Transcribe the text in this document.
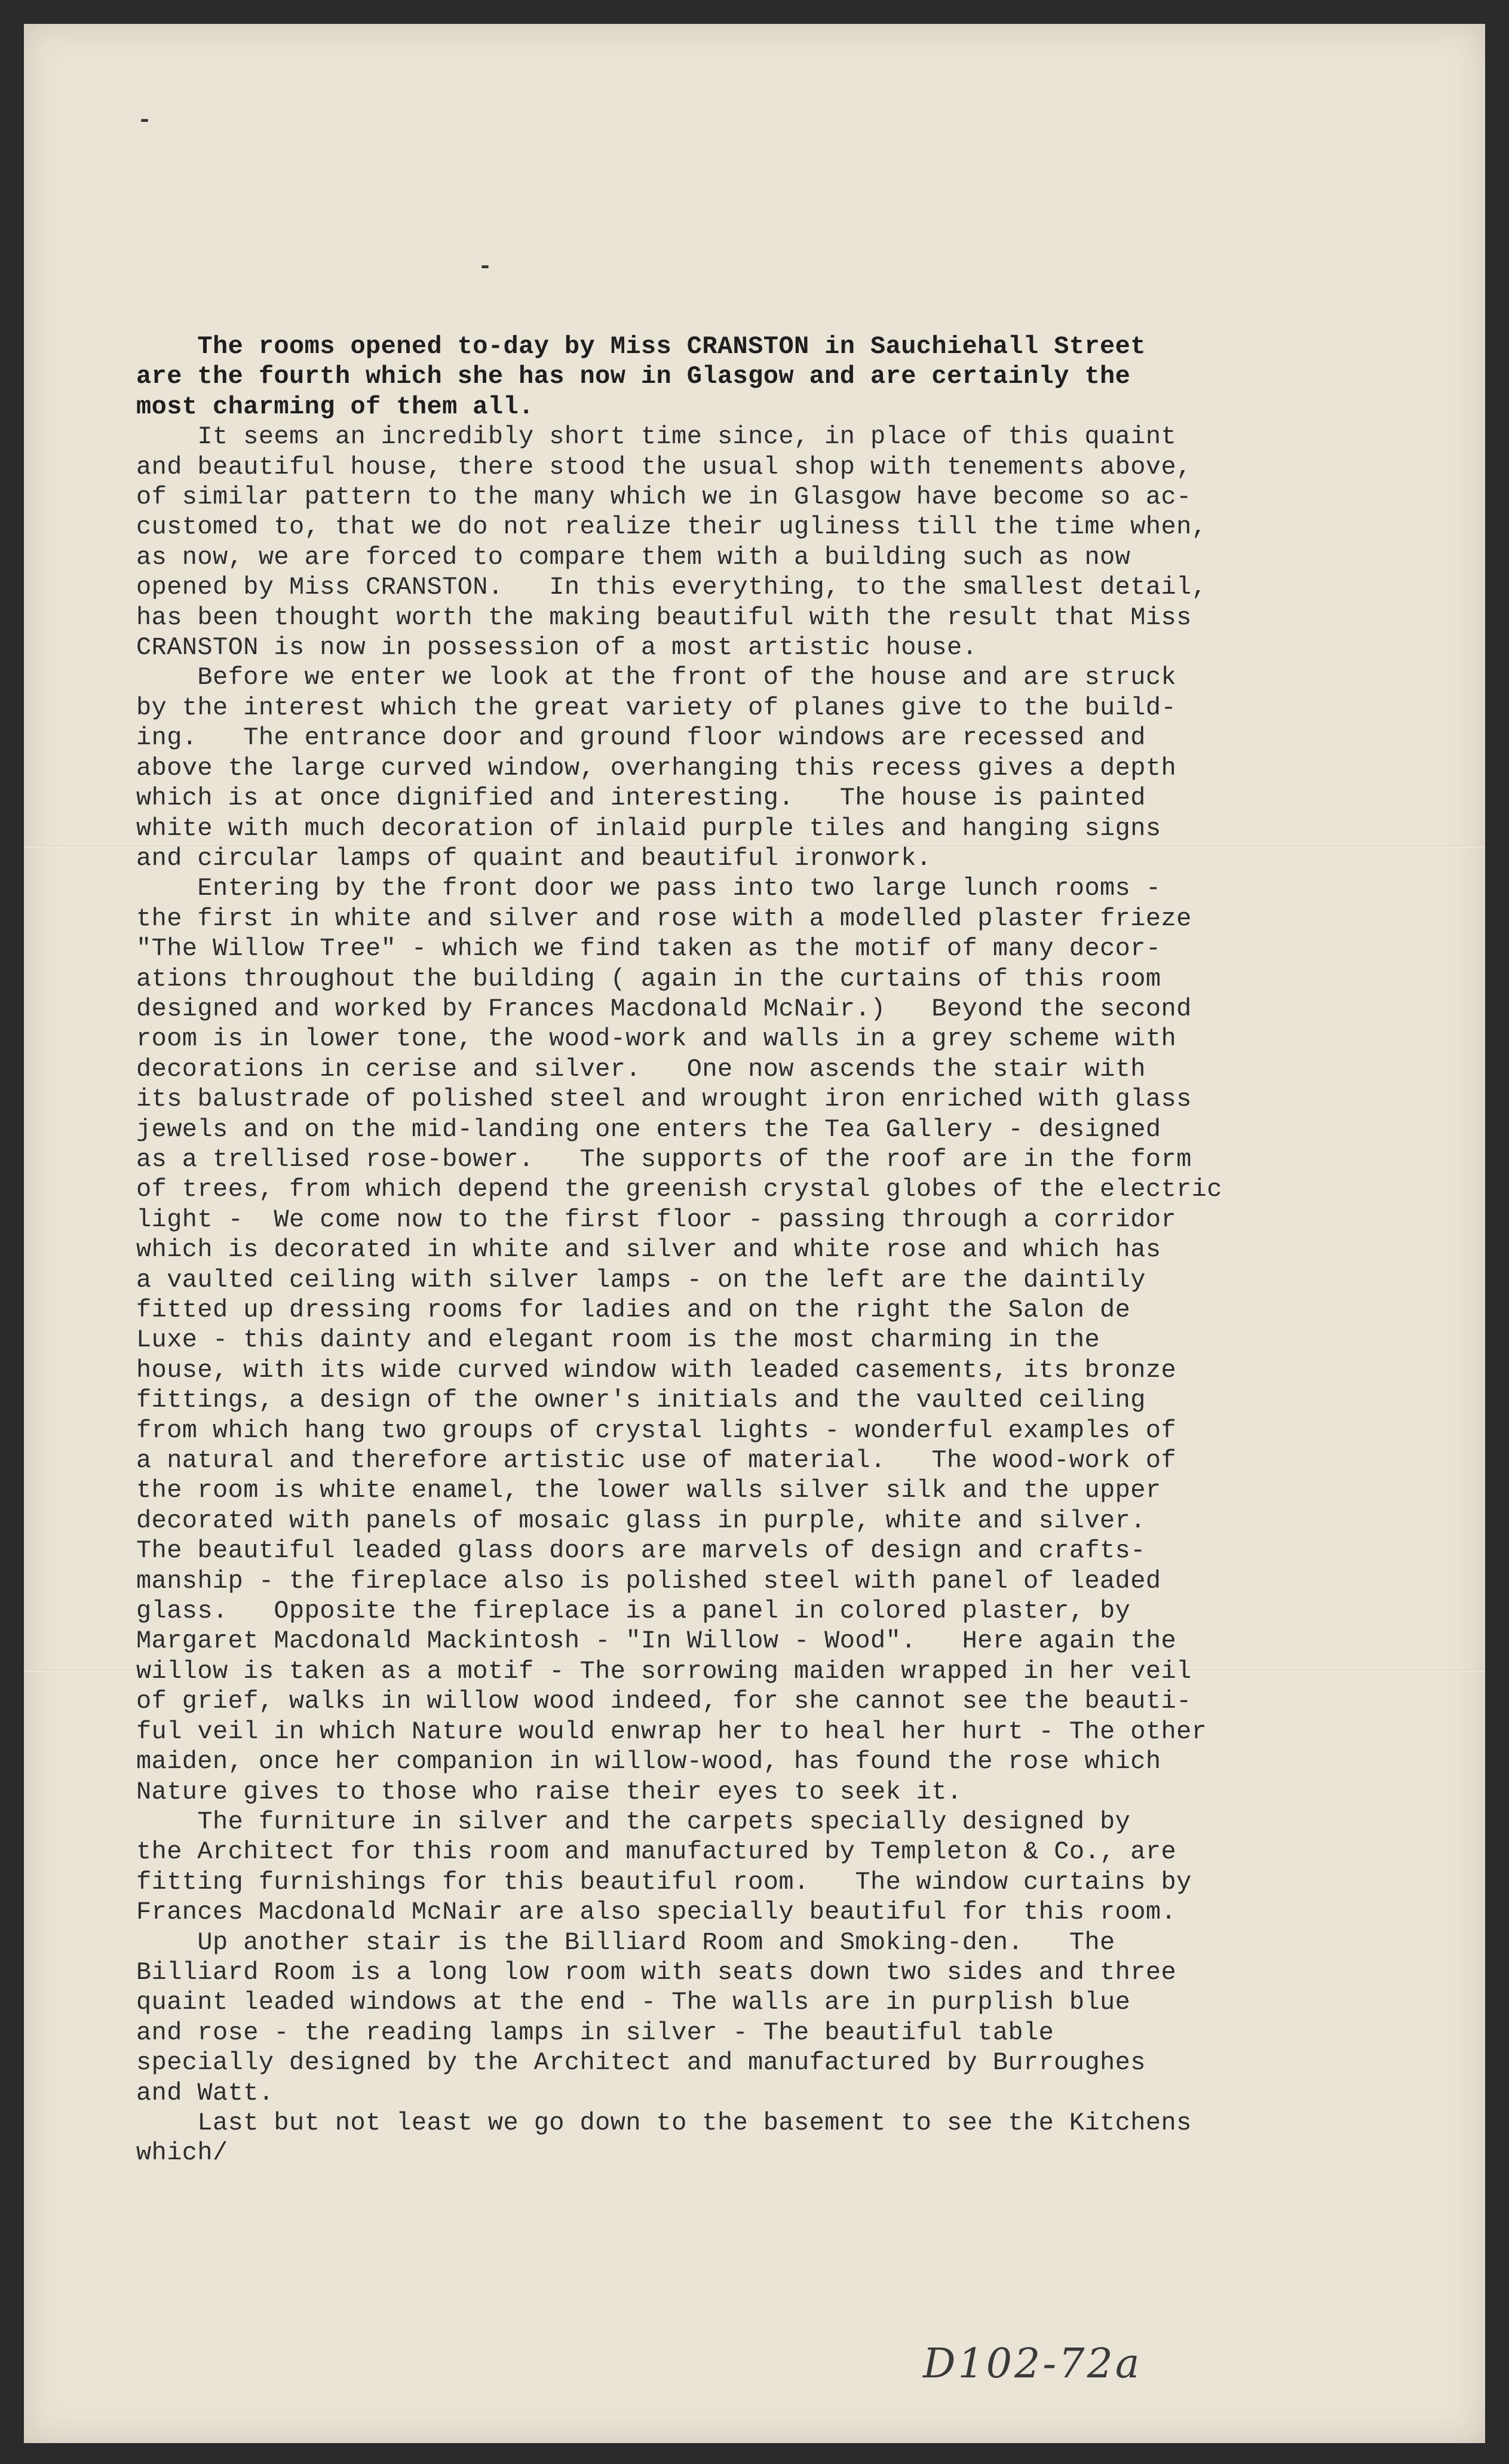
-
-
The rooms opened to-day by Miss CRANSTON in Sauchiehall Street
are the fourth which she has now in Glasgow and are certainly the
most charming of them all.
It seems an incredibly short time since, in place of this quaint
and beautiful house, there stood the usual shop with tenements above,
of similar pattern to the many which we in Glasgow have become so ac-
customed to, that we do not realize their ugliness till the time when,
as now, we are forced to compare them with a building such as now
opened by Miss CRANSTON.   In this everything, to the smallest detail,
has been thought worth the making beautiful with the result that Miss
CRANSTON is now in possession of a most artistic house.
Before we enter we look at the front of the house and are struck
by the interest which the great variety of planes give to the build-
ing.   The entrance door and ground floor windows are recessed and
above the large curved window, overhanging this recess gives a depth
which is at once dignified and interesting.   The house is painted
white with much decoration of inlaid purple tiles and hanging signs
and circular lamps of quaint and beautiful ironwork.
Entering by the front door we pass into two large lunch rooms -
the first in white and silver and rose with a modelled plaster frieze
"The Willow Tree" - which we find taken as the motif of many decor-
ations throughout the building ( again in the curtains of this room
designed and worked by Frances Macdonald McNair.)   Beyond the second
room is in lower tone, the wood-work and walls in a grey scheme with
decorations in cerise and silver.   One now ascends the stair with
its balustrade of polished steel and wrought iron enriched with glass
jewels and on the mid-landing one enters the Tea Gallery - designed
as a trellised rose-bower.   The supports of the roof are in the form
of trees, from which depend the greenish crystal globes of the electric
light -  We come now to the first floor - passing through a corridor
which is decorated in white and silver and white rose and which has
a vaulted ceiling with silver lamps - on the left are the daintily
fitted up dressing rooms for ladies and on the right the Salon de
Luxe - this dainty and elegant room is the most charming in the
house, with its wide curved window with leaded casements, its bronze
fittings, a design of the owner's initials and the vaulted ceiling
from which hang two groups of crystal lights - wonderful examples of
a natural and therefore artistic use of material.   The wood-work of
the room is white enamel, the lower walls silver silk and the upper
decorated with panels of mosaic glass in purple, white and silver.
The beautiful leaded glass doors are marvels of design and crafts-
manship - the fireplace also is polished steel with panel of leaded
glass.   Opposite the fireplace is a panel in colored plaster, by
Margaret Macdonald Mackintosh - "In Willow - Wood".   Here again the
willow is taken as a motif - The sorrowing maiden wrapped in her veil
of grief, walks in willow wood indeed, for she cannot see the beauti-
ful veil in which Nature would enwrap her to heal her hurt - The other
maiden, once her companion in willow-wood, has found the rose which
Nature gives to those who raise their eyes to seek it.
The furniture in silver and the carpets specially designed by
the Architect for this room and manufactured by Templeton & Co., are
fitting furnishings for this beautiful room.   The window curtains by
Frances Macdonald McNair are also specially beautiful for this room.
Up another stair is the Billiard Room and Smoking-den.   The
Billiard Room is a long low room with seats down two sides and three
quaint leaded windows at the end - The walls are in purplish blue
and rose - the reading lamps in silver - The beautiful table
specially designed by the Architect and manufactured by Burroughes
and Watt.
Last but not least we go down to the basement to see the Kitchens
which/
D102-72a
